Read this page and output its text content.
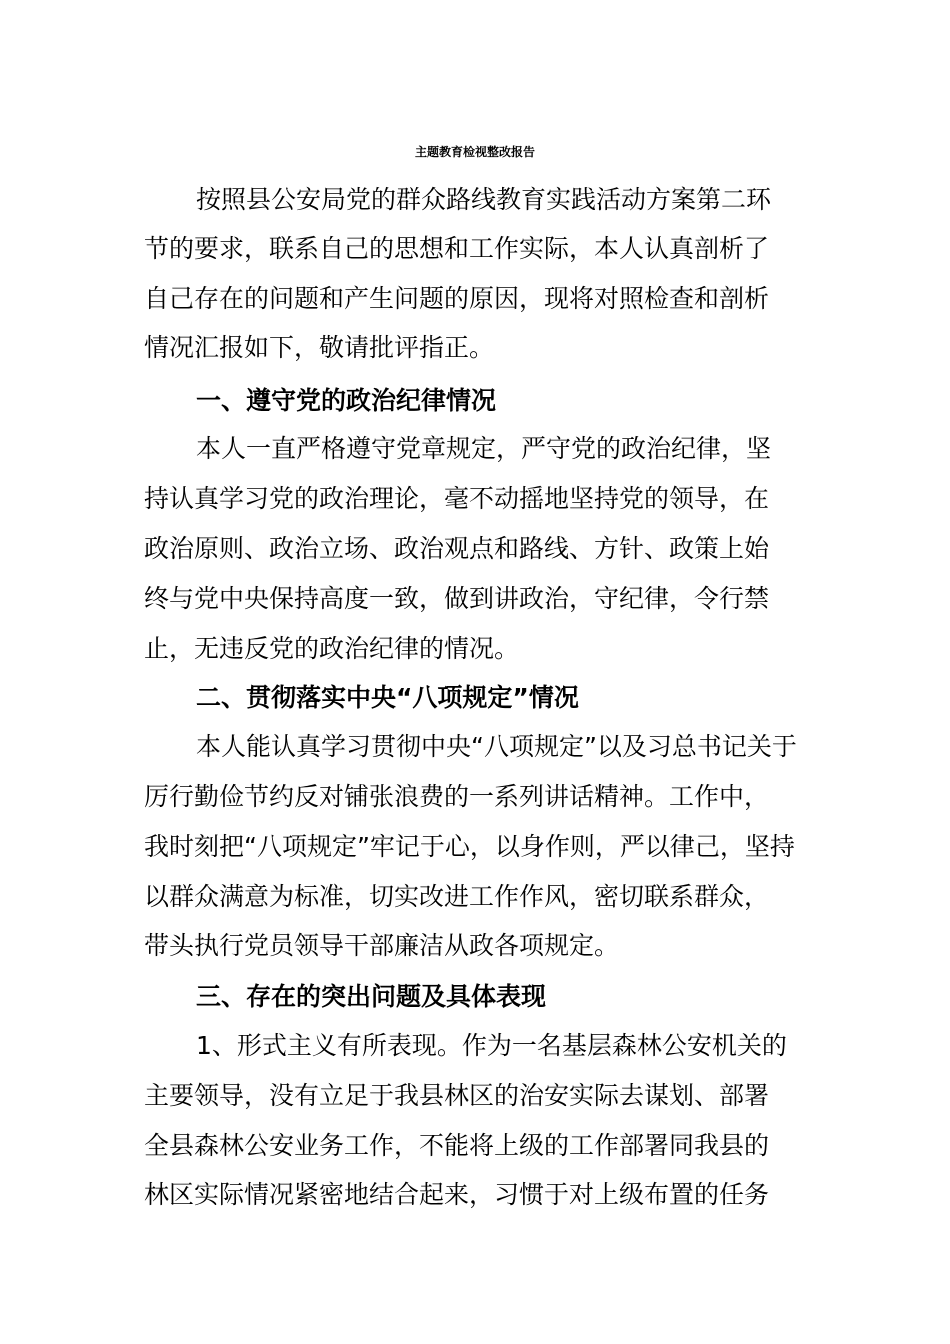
主题教育检视整改报告
按照县公安局党的群众路线教育实践活动方案第二环
节的要求，联系自己的思想和工作实际，本人认真剖析了
自己存在的问题和产生问题的原因，现将对照检查和剖析
情况汇报如下，敬请批评指正。
一、遵守党的政治纪律情况
本人一直严格遵守党章规定，严守党的政治纪律，坚
持认真学习党的政治理论，毫不动摇地坚持党的领导，在
政治原则、政治立场、政治观点和路线、方针、政策上始
终与党中央保持高度一致，做到讲政治，守纪律，令行禁
止，无违反党的政治纪律的情况。
二、贯彻落实中央“八项规定”情况
本人能认真学习贯彻中央“八项规定”以及习总书记关于
厉行勤俭节约反对铺张浪费的一系列讲话精神。工作中，
我时刻把“八项规定”牢记于心，以身作则，严以律己，坚持
以群众满意为标准，切实改进工作作风，密切联系群众，
带头执行党员领导干部廉洁从政各项规定。
三、存在的突出问题及具体表现
1、形式主义有所表现。作为一名基层森林公安机关的
主要领导，没有立足于我县林区的治安实际去谋划、部署
全县森林公安业务工作，不能将上级的工作部署同我县的
林区实际情况紧密地结合起来，习惯于对上级布置的任务
